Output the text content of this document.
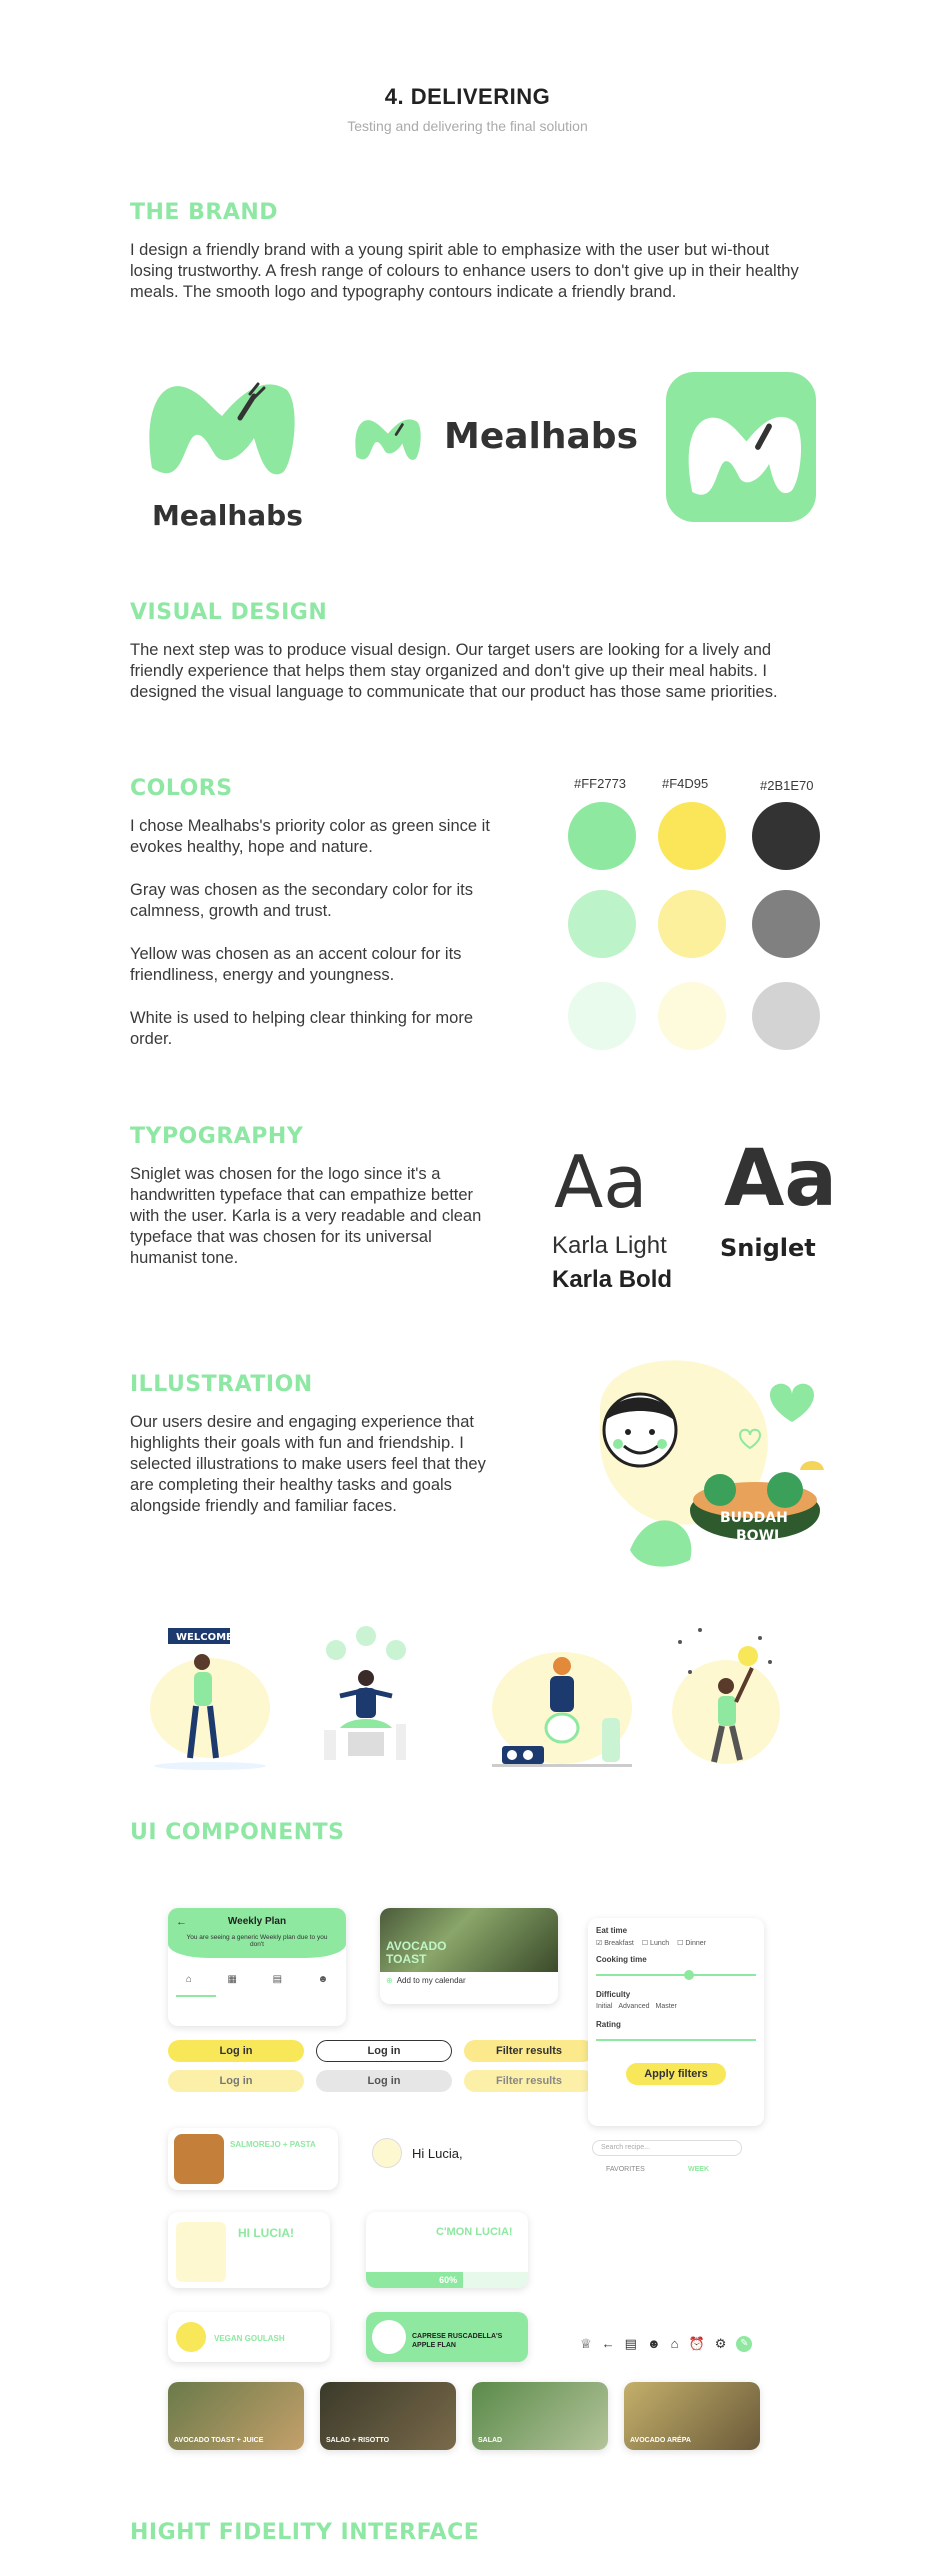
4. DELIVERING
Testing and delivering the final solution
THE BRAND
I design a friendly brand with a young spirit able to emphasize with the user but wi-thout losing trustworthy. A fresh range of colours to enhance users to don't give up in their healthy meals. The smooth logo and typography contours indicate a friendly brand.
Mealhabs
Mealhabs
VISUAL DESIGN
The next step was to produce visual design. Our target users are looking for a lively and friendly experience that helps them stay organized and don't give up their meal habits. I designed the visual language to communicate that our product has those same priorities.
COLORS
I chose Mealhabs's priority color as green since it evokes healthy, hope and nature.
Gray was chosen as the secondary color for its calmness, growth and trust.
Yellow was chosen as an accent colour for its friendliness, energy and youngness.
White is used to helping clear thinking for more order.
#FF2773	#F4D95	#2B1E70
TYPOGRAPHY
Sniglet was chosen for the logo since it's a handwritten typeface that can empathize better with the user. Karla is a very readable and clean typeface that was chosen for its universal humanist tone.
Aa Aa
Karla Light
Karla Bold
Sniglet
ILLUSTRATION
Our users desire and engaging experience that highlights their goals with fun and friendship. I selected illustrations to make users feel that they are completing their healthy tasks and goals alongside friendly and familiar faces.
BUDDAH
BOWL
WELCOME
UI COMPONENTS
←	Weekly Plan
You are seeing a generic Weekly plan due to you don't
⌂	▦	▤	☻
AVOCADO TOAST
⊕ Add to my calendar
Log in	Log in	Filter results
Log in	Log in	Filter results
Eat time
☑ Breakfast ☐ Lunch ☐ Dinner
Cooking time
Difficulty
Initial Advanced Master
Rating
Apply filters
SALMOREJO + PASTA
Hi Lucia,	Search recipe...
FAVORITES	WEEK
HI LUCIA!	C'MON LUCIA!
60%
VEGAN GOULASH	CAPRESE RUSCADELLA'S APPLE FLAN	♕ ← ▤ ☻ ⌂ ⏰ ⚙	✎
AVOCADO TOAST + JUICE	SALAD + RISOTTO	SALAD	AVOCADO ARÉPA
HIGHT FIDELITY INTERFACE
